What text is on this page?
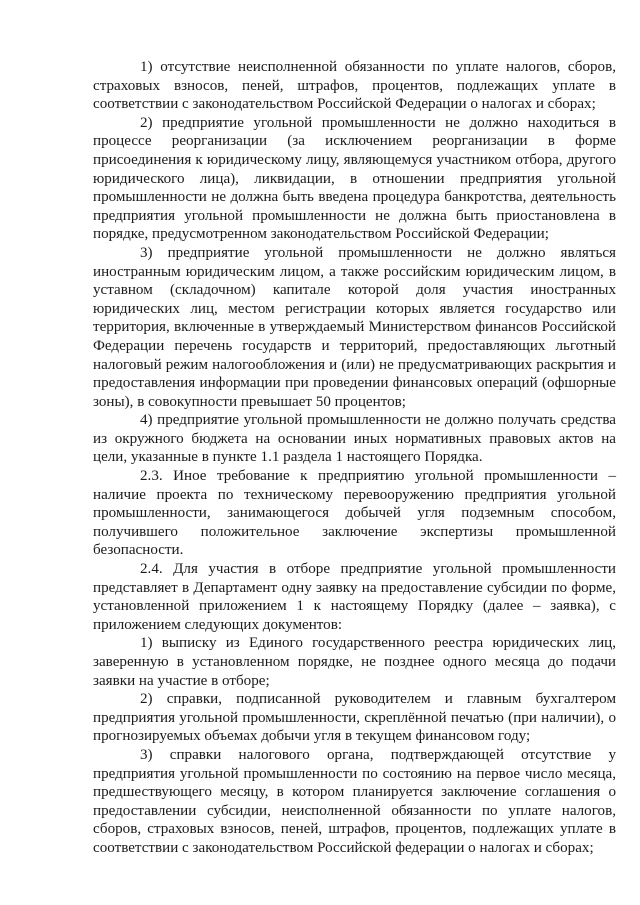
1) отсутствие неисполненной обязанности по уплате налогов, сборов, страховых взносов, пеней, штрафов, процентов, подлежащих уплате в соответствии с законодательством Российской Федерации о налогах и сборах;

2) предприятие угольной промышленности не должно находиться в процессе реорганизации (за исключением реорганизации в форме присоединения к юридическому лицу, являющемуся участником отбора, другого юридического лица), ликвидации, в отношении предприятия угольной промышленности не должна быть введена процедура банкротства, деятельность предприятия угольной промышленности не должна быть приостановлена в порядке, предусмотренном законодательством Российской Федерации;

3) предприятие угольной промышленности не должно являться иностранным юридическим лицом, а также российским юридическим лицом, в уставном (складочном) капитале которой доля участия иностранных юридических лиц, местом регистрации которых является государство или территория, включенные в утверждаемый Министерством финансов Российской Федерации перечень государств и территорий, предоставляющих льготный налоговый режим налогообложения и (или) не предусматривающих раскрытия и предоставления информации при проведении финансовых операций (офшорные зоны), в совокупности превышает 50 процентов;

4) предприятие угольной промышленности не должно получать средства из окружного бюджета на основании иных нормативных правовых актов на цели, указанные в пункте 1.1 раздела 1 настоящего Порядка.

2.3. Иное требование к предприятию угольной промышленности – наличие проекта по техническому перевооружению предприятия угольной промышленности, занимающегося добычей угля подземным способом, получившего положительное заключение экспертизы промышленной безопасности.

2.4. Для участия в отборе предприятие угольной промышленности представляет в Департамент одну заявку на предоставление субсидии по форме, установленной приложением 1 к настоящему Порядку (далее – заявка), с приложением следующих документов:

1) выписку из Единого государственного реестра юридических лиц, заверенную в установленном порядке, не позднее одного месяца до подачи заявки на участие в отборе;

2) справки, подписанной руководителем и главным бухгалтером предприятия угольной промышленности, скреплённой печатью (при наличии), о прогнозируемых объемах добычи угля в текущем финансовом году;

3) справки налогового органа, подтверждающей отсутствие у предприятия угольной промышленности по состоянию на первое число месяца, предшествующего месяцу, в котором планируется заключение соглашения о предоставлении субсидии, неисполненной обязанности по уплате налогов, сборов, страховых взносов, пеней, штрафов, процентов, подлежащих уплате в соответствии с законодательством Российской федерации о налогах и сборах;
